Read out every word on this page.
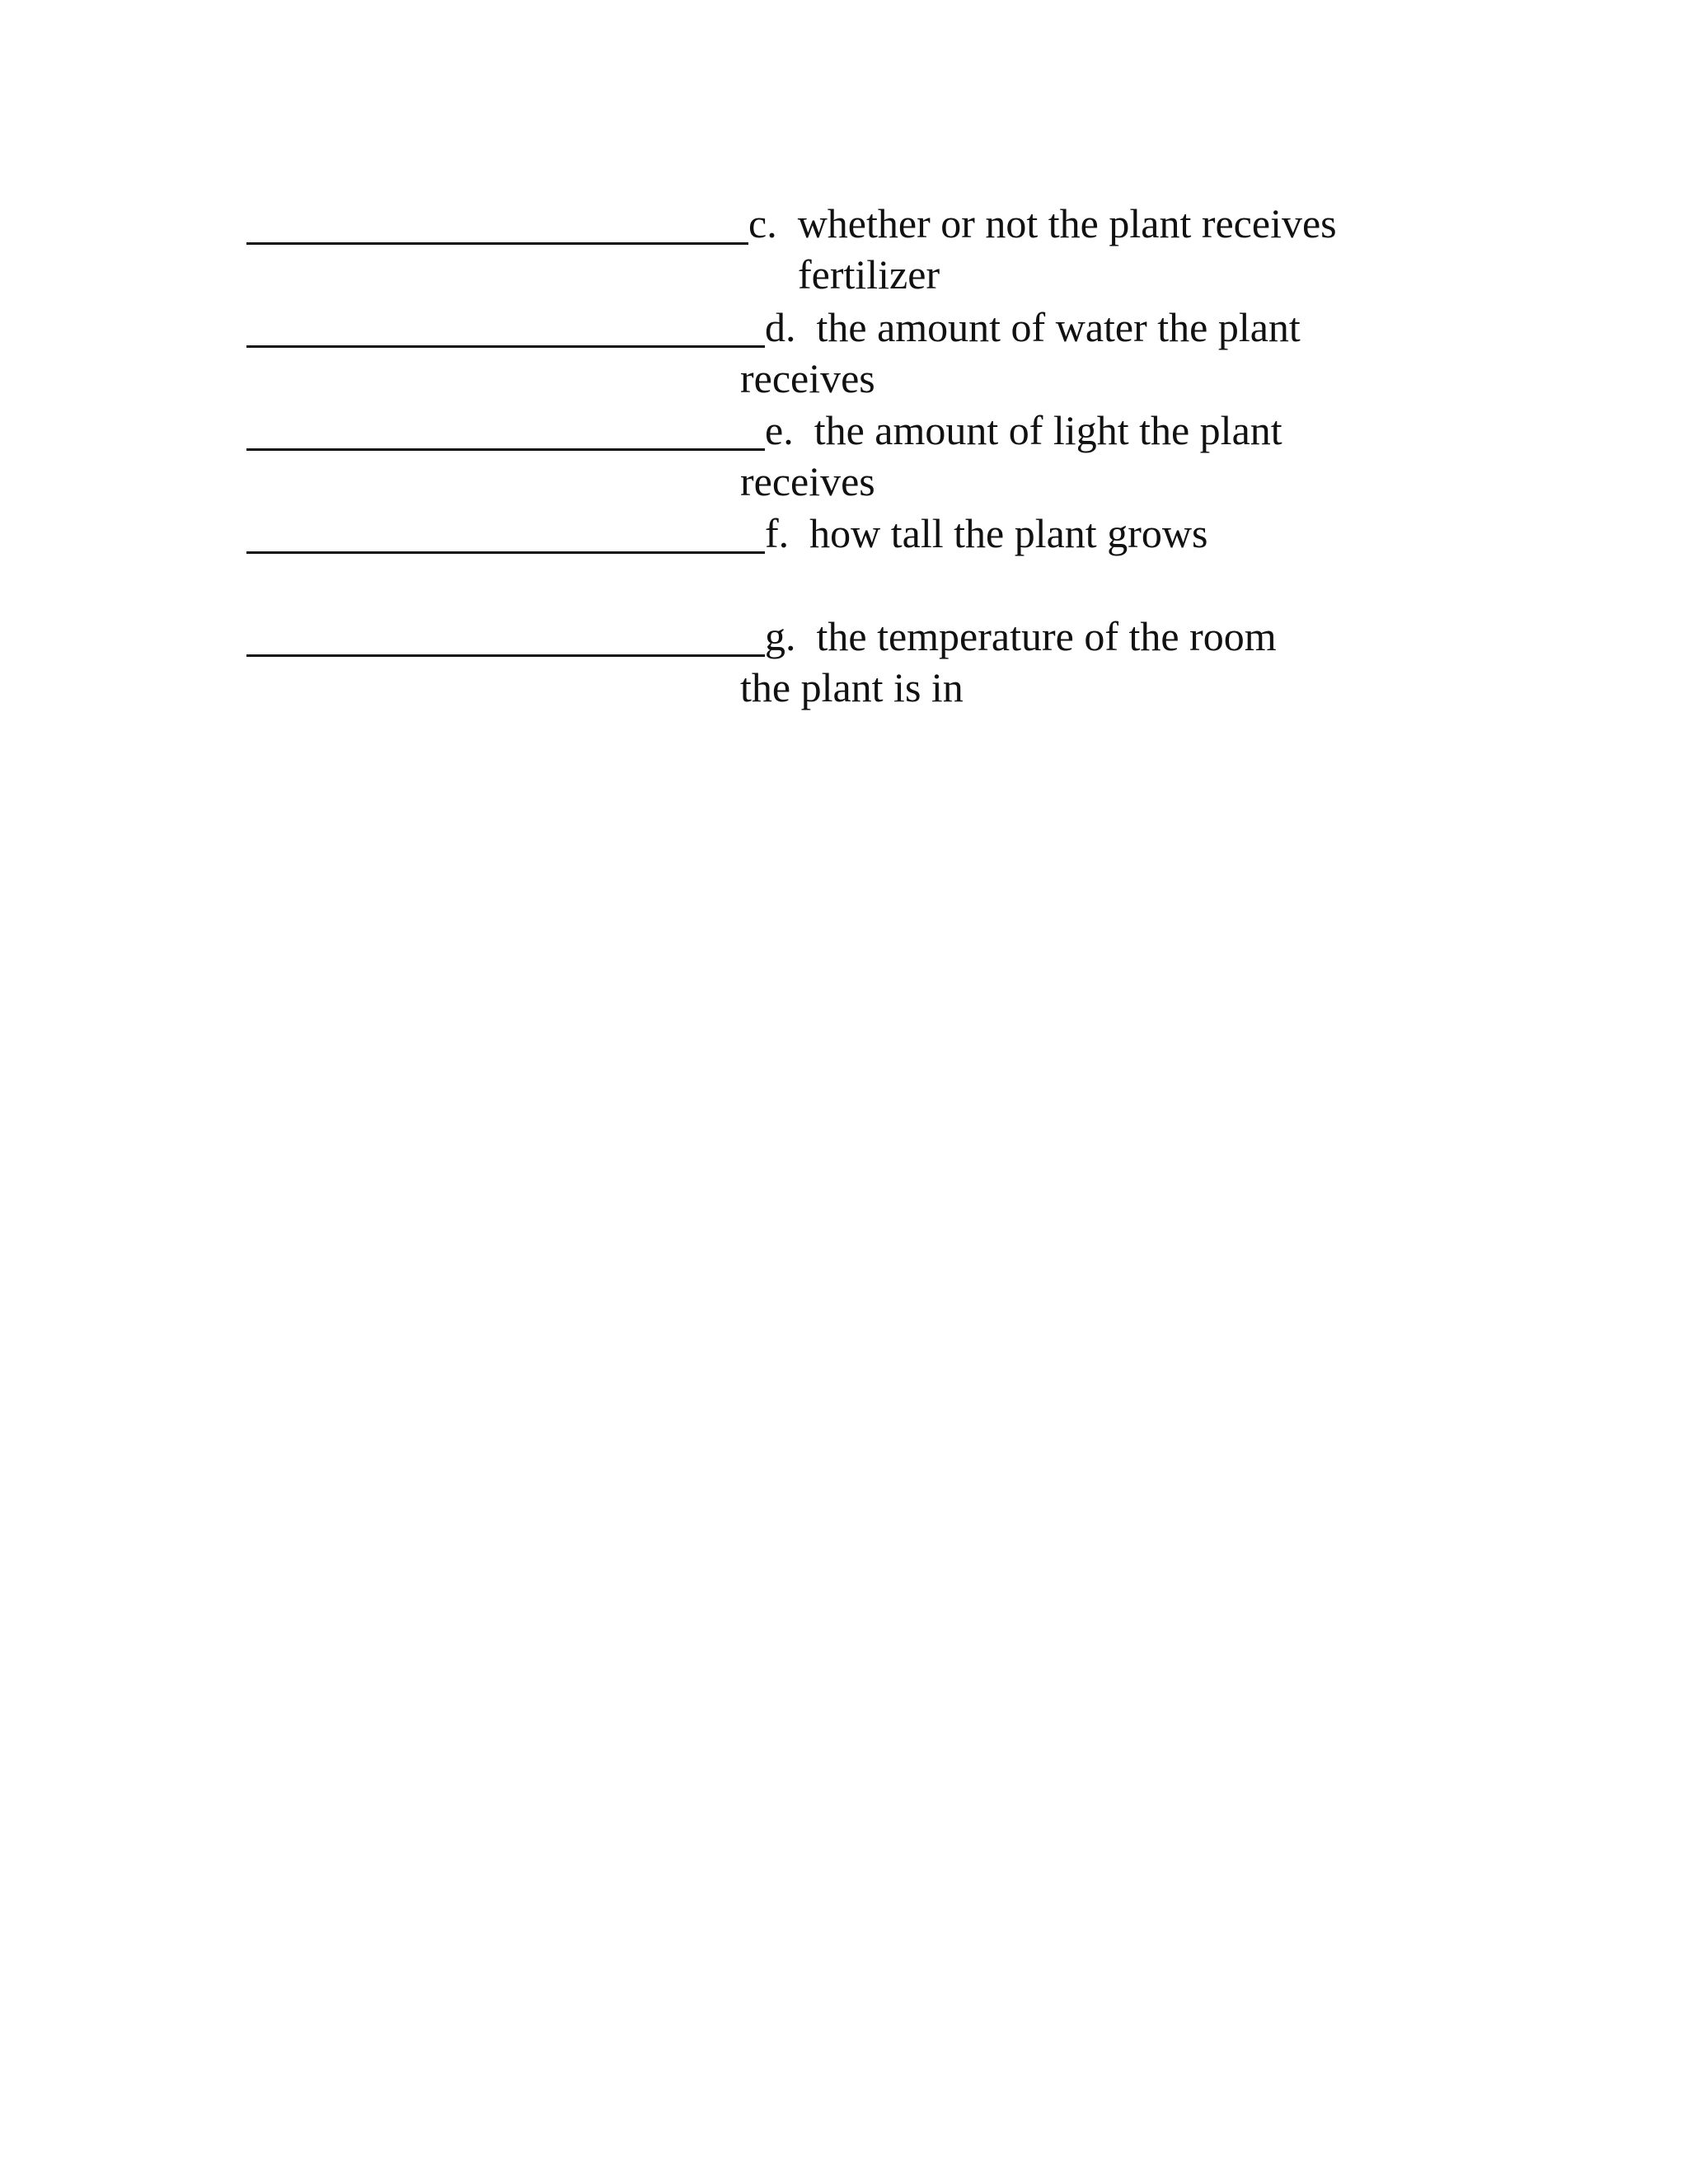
c. whether or not the plant receives
fertilizer
d. the amount of water the plant
receives
e. the amount of light the plant
receives
f. how tall the plant grows
g. the temperature of the room
the plant is in
